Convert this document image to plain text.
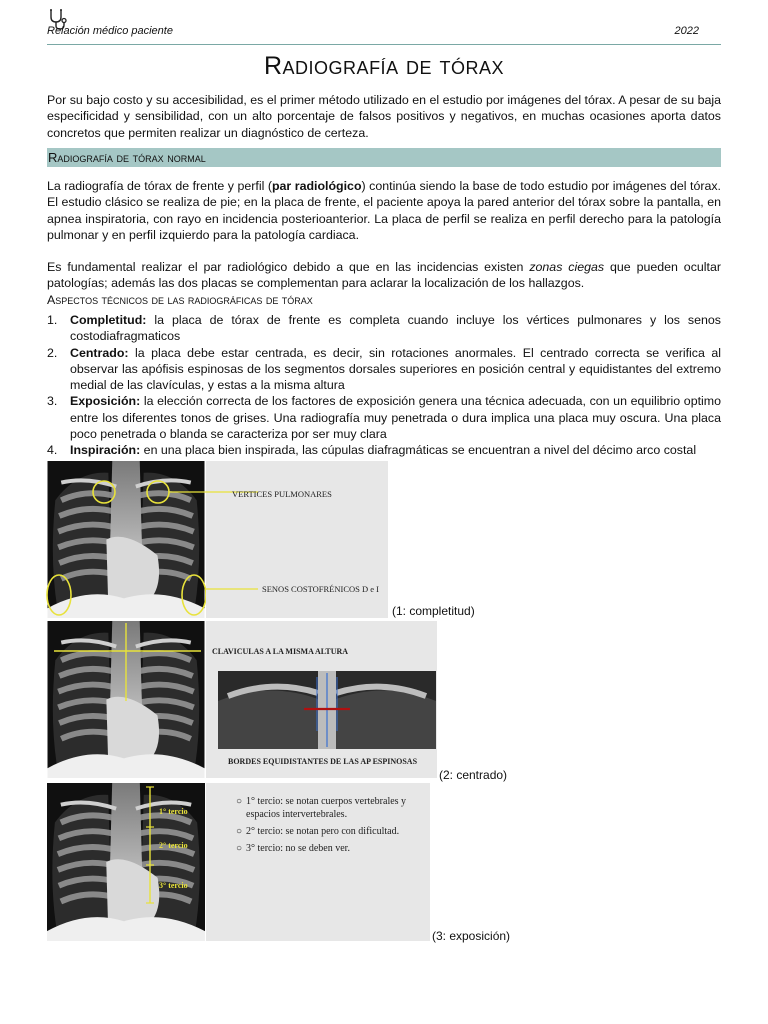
Relación médico paciente	2022
Radiografía de tórax

Por su bajo costo y su accesibilidad, es el primer método utilizado en el estudio por imágenes del tórax. A pesar de su baja especificidad y sensibilidad, con un alto porcentaje de falsos positivos y negativos, en muchas ocasiones aporta datos concretos que permiten realizar un diagnóstico de certeza.

Radiografía de tórax normal

La radiografía de tórax de frente y perfil (par radiológico) continúa siendo la base de todo estudio por imágenes del tórax. El estudio clásico se realiza de pie; en la placa de frente, el paciente apoya la pared anterior del tórax sobre la pantalla, en apnea inspiratoria, con rayo en incidencia posterioanterior. La placa de perfil se realiza en perfil derecho para la patología pulmonar y en perfil izquierdo para la patología cardiaca.

Es fundamental realizar el par radiológico debido a que en las incidencias existen zonas ciegas que pueden ocultar patologías; además las dos placas se complementan para aclarar la localización de los hallazgos.

Aspectos técnicos de las radiográficas de tórax
1. Completitud: la placa de tórax de frente es completa cuando incluye los vértices pulmonares y los senos costodiafragmaticos
2. Centrado: la placa debe estar centrada, es decir, sin rotaciones anormales. El centrado correcta se verifica al observar las apófisis espinosas de los segmentos dorsales superiores en posición central y equidistantes del extremo medial de las clavículas, y estas a la misma altura
3. Exposición: la elección correcta de los factores de exposición genera una técnica adecuada, con un equilibrio optimo entre los diferentes tonos de grises. Una radiografía muy penetrada o dura implica una placa muy oscura. Una placa poco penetrada o blanda se caracteriza por ser muy clara
4. Inspiración: en una placa bien inspirada, las cúpulas diafragmáticas se encuentran a nivel del décimo arco costal
VERTICES PULMONARES
SENOS COSTOFRÉNICOS D e I
(1: completitud)
CLAVICULAS A LA MISMA ALTURA
BORDES EQUIDISTANTES DE LAS AP ESPINOSAS
(2: centrado)
1° tercio
2° tercio
3° tercio
○ 1° tercio: se notan cuerpos vertebrales y espacios intervertebrales.
○ 2° tercio: se notan pero con dificultad.
○ 3° tercio: no se deben ver.
(3: exposición)
